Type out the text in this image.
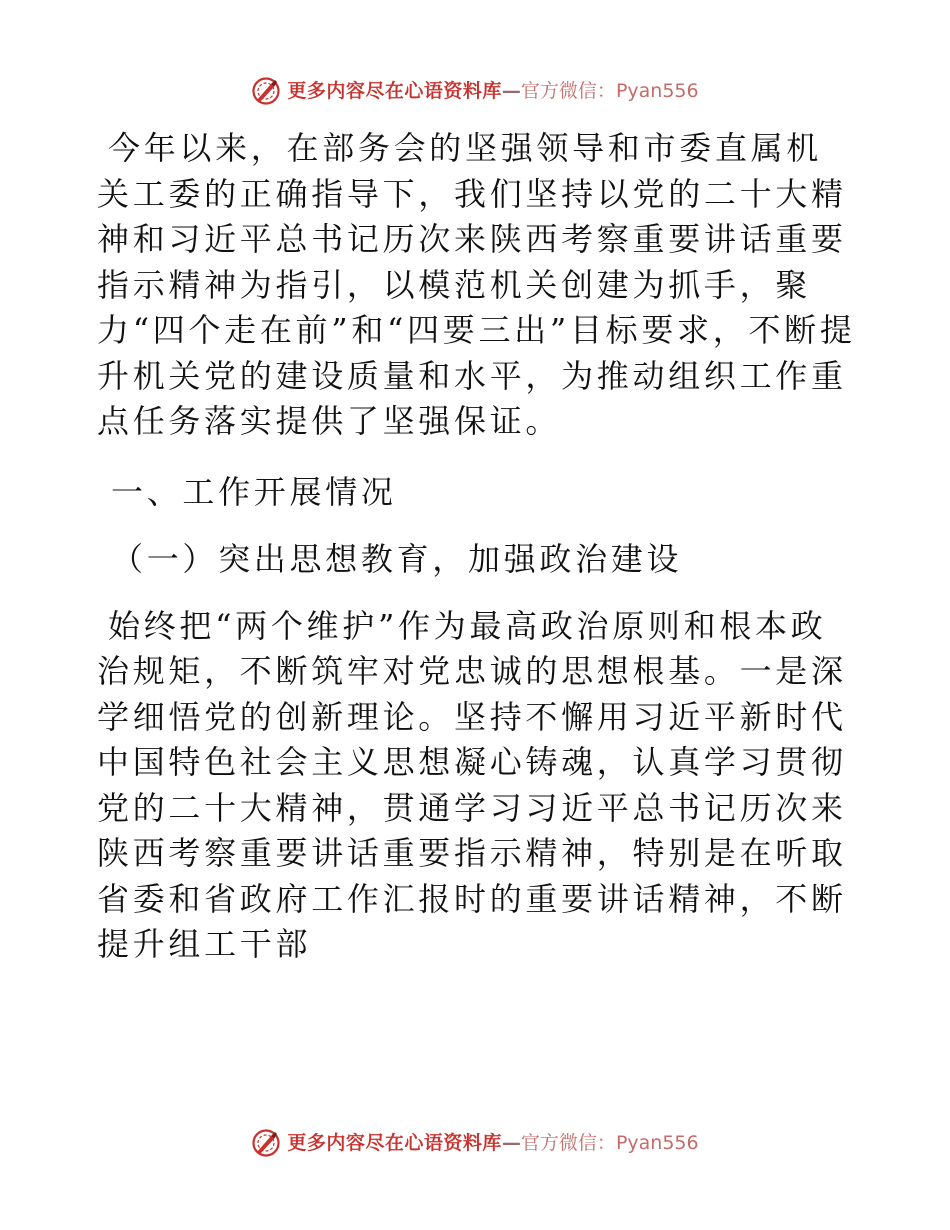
更多内容尽在心语资料库 — 官方微信： Pyan556

今年以来，在部务会的坚强领导和市委直属机关工委的正确指导下，我们坚持以党的二十大精神和习近平总书记历次来陕西考察重要讲话重要指示精神为指引，以模范机关创建为抓手，聚力“四个走在前”和“四要三出”目标要求，不断提升机关党的建设质量和水平，为推动组织工作重点任务落实提供了坚强保证。

一、工作开展情况

（一）突出思想教育，加强政治建设

始终把“两个维护”作为最高政治原则和根本政治规矩，不断筑牢对党忠诚的思想根基。一是深学细悟党的创新理论。坚持不懈用习近平新时代中国特色社会主义思想凝心铸魂，认真学习贯彻党的二十大精神，贯通学习习近平总书记历次来陕西考察重要讲话重要指示精神，特别是在听取省委和省政府工作汇报时的重要讲话精神，不断提升组工干部

更多内容尽在心语资料库 — 官方微信： Pyan556
